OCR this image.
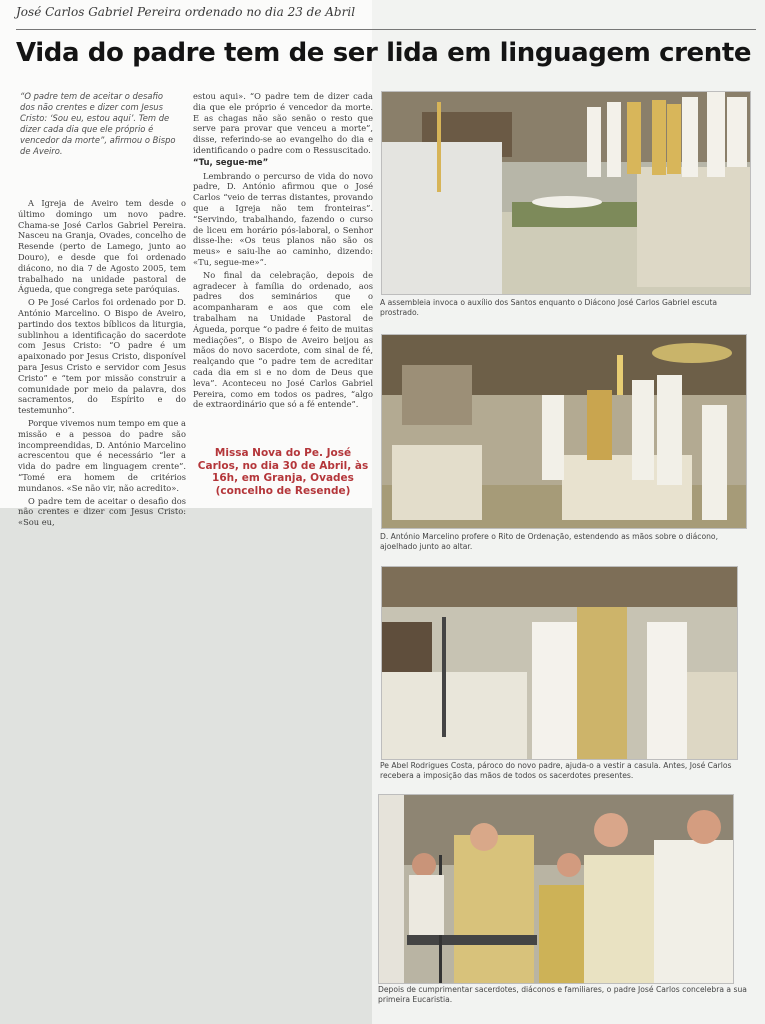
José Carlos Gabriel Pereira ordenado no dia 23 de Abril
Vida do padre tem de ser lida em linguagem crente
“O padre tem de aceitar o desafio dos não crentes e dizer com Jesus Cristo: ‘Sou eu, estou aqui’. Tem de dizer cada dia que ele próprio é vencedor da morte”, afirmou o Bispo de Aveiro.

A Igreja de Aveiro tem desde o último domingo um novo padre. Chama-se José Carlos Gabriel Pereira. Nasceu na Granja, Ovades, concelho de Resende (perto de Lamego, junto ao Douro), e desde que foi ordenado diácono, no dia 7 de Agosto 2005, tem trabalhado na unidade pastoral de Águeda, que congrega sete paróquias.

O Pe José Carlos foi ordenado por D. António Marcelino. O Bispo de Aveiro, partindo dos textos bíblicos da liturgia, sublinhou a identificação do sacerdote com Jesus Cristo: “O padre é um apaixonado por Jesus Cristo, disponível para Jesus Cristo e servidor com Jesus Cristo” e “tem por missão construir a comunidade por meio da palavra, dos sacramentos, do Espírito e do testemunho”.

Porque vivemos num tempo em que a missão e a pessoa do padre são incompreendidas, D. António Marcelino acrescentou que é necessário “ler a vida do padre em linguagem crente”. “Tomé era homem de critérios mundanos. «Se não vir, não acredito».

O padre tem de aceitar o desafio dos não crentes e dizer com Jesus Cristo: «Sou eu,

estou aqui». “O padre tem de dizer cada dia que ele próprio é vencedor da morte. E as chagas não são senão o resto que serve para provar que venceu a morte”, disse, referindo-se ao evangelho do dia e identificando o padre com o Ressuscitado.

“Tu, segue-me”

Lembrando o percurso de vida do novo padre, D. António afirmou que o José Carlos “veio de terras distantes, provando que a Igreja não tem fronteiras”. “Servindo, trabalhando, fazendo o curso de liceu em horário pós-laboral, o Senhor disse-lhe: «Os teus planos não são os meus» e saiu-lhe ao caminho, dizendo: «Tu, segue-me»”.

No final da celebração, depois de agradecer à família do ordenado, aos padres dos seminários que o acompanharam e aos que com ele trabalham na Unidade Pastoral de Águeda, porque “o padre é feito de muitas mediações”, o Bispo de Aveiro beijou as mãos do novo sacerdote, com sinal de fé, realçando que “o padre tem de acreditar cada dia em si e no dom de Deus que leva”. Aconteceu no José Carlos Gabriel Pereira, como em todos os padres, “algo de extraordinário que só a fé entende”.

Missa Nova do Pe. José Carlos, no dia 30 de Abril, às 16h, em Granja, Ovades (concelho de Resende)
A assembleia invoca o auxílio dos Santos enquanto o Diácono José Carlos Gabriel escuta prostrado.
D. António Marcelino profere o Rito de Ordenação, estendendo as mãos sobre o diácono, ajoelhado junto ao altar.
Pe Abel Rodrigues Costa, pároco do novo padre, ajuda-o a vestir a casula. Antes, José Carlos recebera a imposição das mãos de todos os sacerdotes presentes.
Depois de cumprimentar sacerdotes, diáconos e familiares, o padre José Carlos concelebra a sua primeira Eucaristia.
